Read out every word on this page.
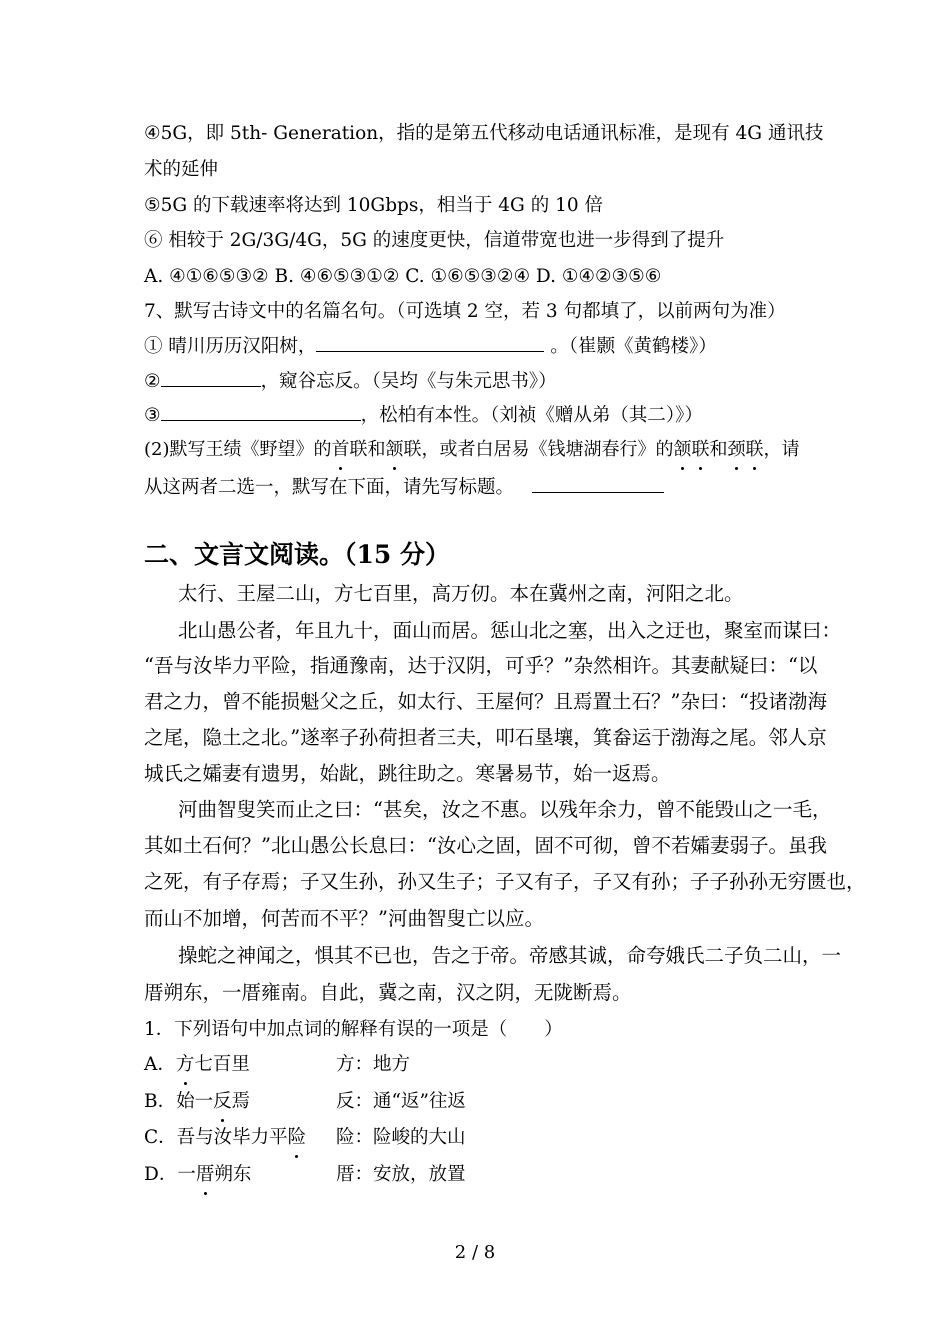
④5G，即 5th- Generation，指的是第五代移动电话通讯标准，是现有 4G 通讯技
术的延伸
⑤5G 的下载速率将达到 10Gbps，相当于 4G 的 10 倍
⑥ 相较于 2G/3G/4G，5G 的速度更快，信道带宽也进一步得到了提升
A. ④①⑥⑤③② B. ④⑥⑤③①② C. ①⑥⑤③②④ D. ①④②③⑤⑥
7、默写古诗文中的名篇名句。（可选填 2 空，若 3 句都填了，以前两句为准）
① 晴川历历汉阳树，	。（崔颢《黄鹤楼》）
②	，窥谷忘反。（吴均《与朱元思书》）
③	，松柏有本性。（刘祯《赠从弟（其二）》）
(2)默写王绩《野望》的首联和颔联，或者白居易《钱塘湖春行》的颔联和颈联，请
从这两者二选一，默写在下面，请先写标题。
二、文言文阅读。（15 分）
太行、王屋二山，方七百里，高万仞。本在冀州之南，河阳之北。
北山愚公者，年且九十，面山而居。惩山北之塞，出入之迂也，聚室而谋曰：
“吾与汝毕力平险，指通豫南，达于汉阴，可乎？”杂然相许。其妻献疑曰：“以
君之力，曾不能损魁父之丘，如太行、王屋何？且焉置土石？”杂曰：“投诸渤海
之尾，隐土之北。”遂率子孙荷担者三夫，叩石垦壤，箕畚运于渤海之尾。邻人京
城氏之孀妻有遗男，始龀，跳往助之。寒暑易节，始一返焉。
河曲智叟笑而止之曰：“甚矣，汝之不惠。以残年余力，曾不能毁山之一毛，
其如土石何？”北山愚公长息曰：“汝心之固，固不可彻，曾不若孀妻弱子。虽我
之死，有子存焉；子又生孙，孙又生子；子又有子，子又有孙；子子孙孙无穷匮也，
而山不加增，何苦而不平？”河曲智叟亡以应。
操蛇之神闻之，惧其不已也，告之于帝。帝感其诚，命夸娥氏二子负二山，一
厝朔东，一厝雍南。自此，冀之南，汉之阴，无陇断焉。
1．下列语句中加点词的解释有误的一项是（　　）
A．方七百里	方：地方
B．始一反焉	反：通“返”往返
C．吾与汝毕力平险 险：险峻的大山
D．一厝朔东	厝：安放，放置
2 / 8
